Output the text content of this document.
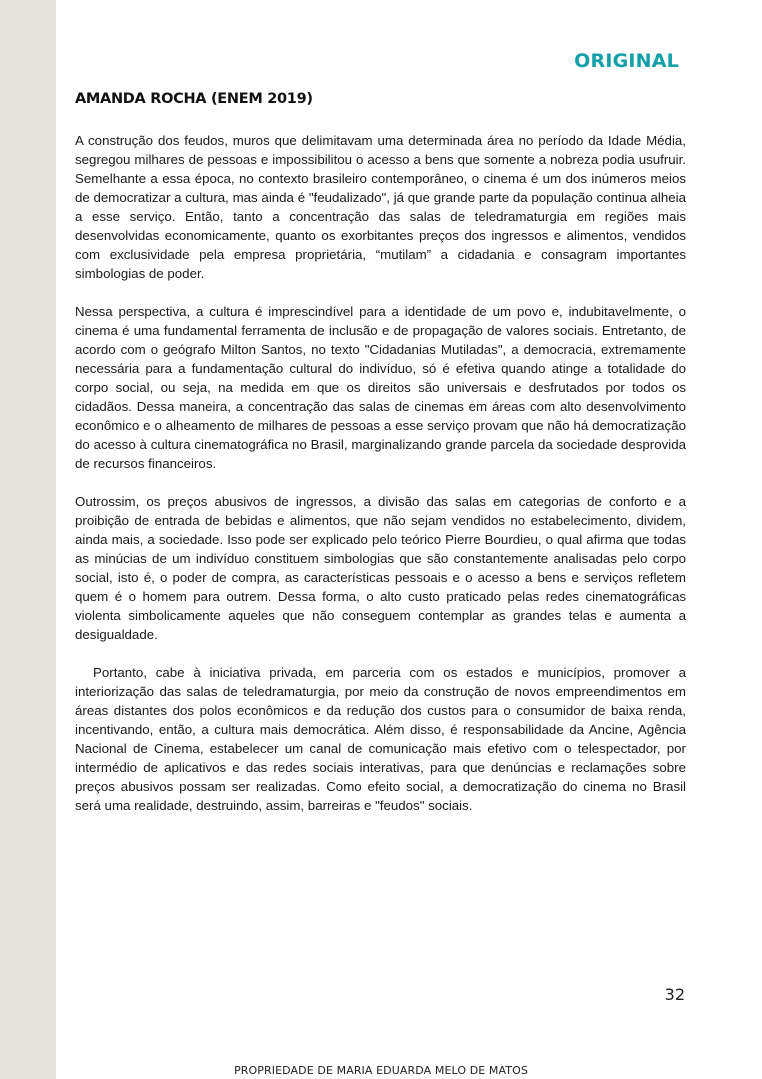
ORIGINAL
AMANDA ROCHA (ENEM 2019)

A construção dos feudos, muros que delimitavam uma determinada área no período da Idade Média, segregou milhares de pessoas e impossibilitou o acesso a bens que somente a nobreza podia usufruir. Semelhante a essa época, no contexto brasileiro contemporâneo, o cinema é um dos inúmeros meios de democratizar a cultura, mas ainda é "feudalizado", já que grande parte da população continua alheia a esse serviço. Então, tanto a concentração das salas de teledramaturgia em regiões mais desenvolvidas economicamente, quanto os exorbitantes preços dos ingressos e alimentos, vendidos com exclusividade pela empresa proprietária, “mutilam” a cidadania e consagram importantes simbologias de poder.

Nessa perspectiva, a cultura é imprescindível para a identidade de um povo e, indubitavelmente, o cinema é uma fundamental ferramenta de inclusão e de propagação de valores sociais. Entretanto, de acordo com o geógrafo Milton Santos, no texto "Cidadanias Mutiladas", a democracia, extremamente necessária para a fundamentação cultural do indivíduo, só é efetiva quando atinge a totalidade do corpo social, ou seja, na medida em que os direitos são universais e desfrutados por todos os cidadãos. Dessa maneira, a concentração das salas de cinemas em áreas com alto desenvolvimento econômico e o alheamento de milhares de pessoas a esse serviço provam que não há democratização do acesso à cultura cinematográfica no Brasil, marginalizando grande parcela da sociedade desprovida de recursos financeiros.

Outrossim, os preços abusivos de ingressos, a divisão das salas em categorias de conforto e a proibição de entrada de bebidas e alimentos, que não sejam vendidos no estabelecimento, dividem, ainda mais, a sociedade. Isso pode ser explicado pelo teórico Pierre Bourdieu, o qual afirma que todas as minúcias de um indivíduo constituem simbologias que são constantemente analisadas pelo corpo social, isto é, o poder de compra, as características pessoais e o acesso a bens e serviços refletem quem é o homem para outrem. Dessa forma, o alto custo praticado pelas redes cinematográficas violenta simbolicamente aqueles que não conseguem contemplar as grandes telas e aumenta a desigualdade.

Portanto, cabe à iniciativa privada, em parceria com os estados e municípios, promover a interiorização das salas de teledramaturgia, por meio da construção de novos empreendimentos em áreas distantes dos polos econômicos e da redução dos custos para o consumidor de baixa renda, incentivando, então, a cultura mais democrática. Além disso, é responsabilidade da Ancine, Agência Nacional de Cinema, estabelecer um canal de comunicação mais efetivo com o telespectador, por intermédio de aplicativos e das redes sociais interativas, para que denúncias e reclamações sobre preços abusivos possam ser realizadas. Como efeito social, a democratização do cinema no Brasil será uma realidade, destruindo, assim, barreiras e "feudos" sociais.

32
PROPRIEDADE DE MARIA EDUARDA MELO DE MATOS
